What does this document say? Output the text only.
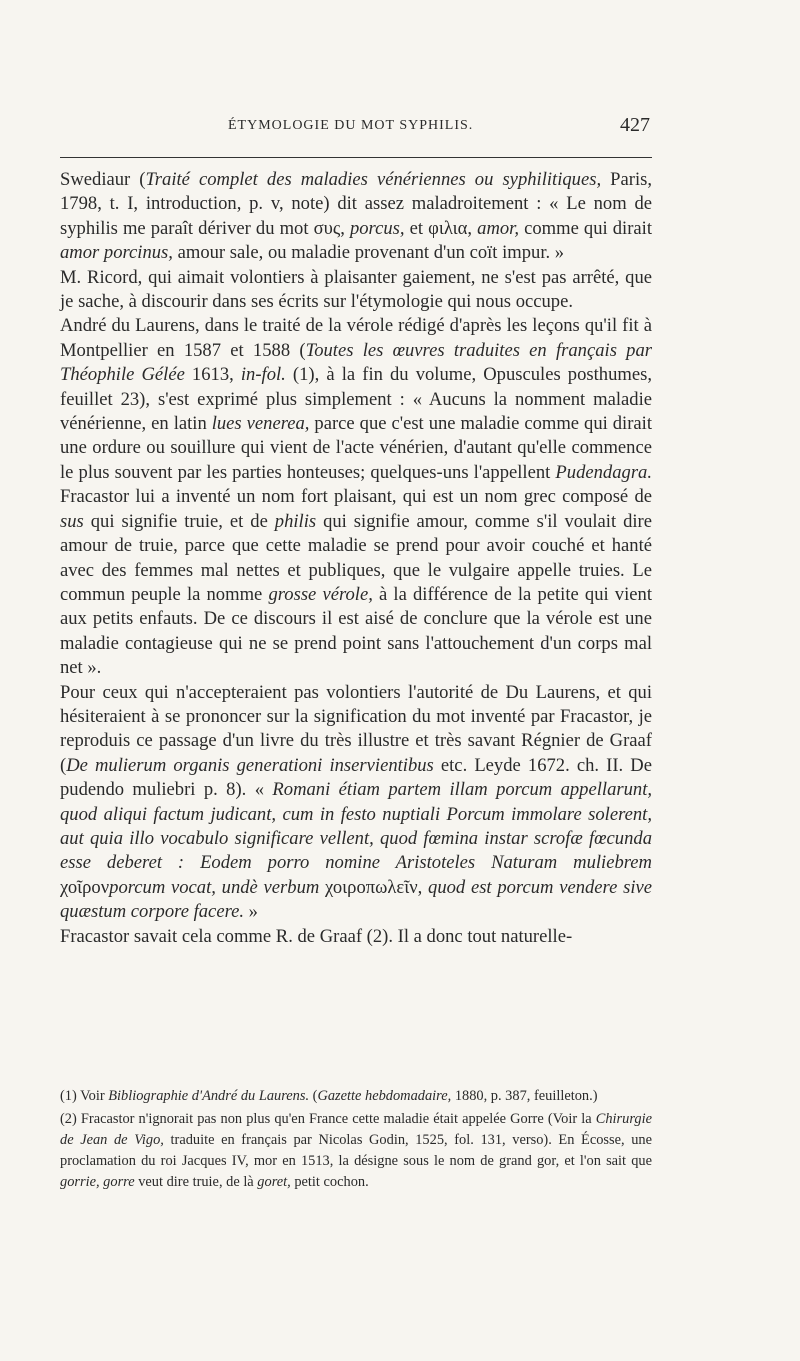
ÉTYMOLOGIE DU MOT SYPHILIS.	427

Swediaur (Traité complet des maladies vénériennes ou syphilitiques, Paris, 1798, t. I, introduction, p. v, note) dit assez maladroitement : « Le nom de syphilis me paraît dériver du mot συς, porcus, et φιλια, amor, comme qui dirait amor porcinus, amour sale, ou maladie provenant d'un coït impur. »

M. Ricord, qui aimait volontiers à plaisanter gaiement, ne s'est pas arrêté, que je sache, à discourir dans ses écrits sur l'étymologie qui nous occupe.

André du Laurens, dans le traité de la vérole rédigé d'après les leçons qu'il fit à Montpellier en 1587 et 1588 (Toutes les œuvres traduites en français par Théophile Gélée 1613, in-fol. (1), à la fin du volume, Opuscules posthumes, feuillet 23), s'est exprimé plus simplement : « Aucuns la nomment maladie vénérienne, en latin lues venerea, parce que c'est une maladie comme qui dirait une ordure ou souillure qui vient de l'acte vénérien, d'autant qu'elle commence le plus souvent par les parties honteuses; quelques-uns l'appellent Pudendagra. Fracastor lui a inventé un nom fort plaisant, qui est un nom grec composé de sus qui signifie truie, et de philis qui signifie amour, comme s'il voulait dire amour de truie, parce que cette maladie se prend pour avoir couché et hanté avec des femmes mal nettes et publiques, que le vulgaire appelle truies. Le commun peuple la nomme grosse vérole, à la différence de la petite qui vient aux petits enfauts. De ce discours il est aisé de conclure que la vérole est une maladie contagieuse qui ne se prend point sans l'attouchement d'un corps mal net ».

Pour ceux qui n'accepteraient pas volontiers l'autorité de Du Laurens, et qui hésiteraient à se prononcer sur la signification du mot inventé par Fracastor, je reproduis ce passage d'un livre du très illustre et très savant Régnier de Graaf (De mulierum organis generationi inservientibus etc. Leyde 1672. ch. II. De pudendo muliebri p. 8). « Romani étiam partem illam porcum appellarunt, quod aliqui factum judicant, cum in festo nuptiali Porcum immolare solerent, aut quia illo vocabulo significare vellent, quod fœmina instar scrofæ fœcunda esse deberet : Eodem porro nomine Aristoteles Naturam muliebrem χοῖρονporcum vocat, undè verbum χοιροπωλεῖν, quod est porcum vendere sive quæstum corpore facere. »

Fracastor savait cela comme R. de Graaf (2). Il a donc tout naturelle-

(1) Voir Bibliographie d'André du Laurens. (Gazette hebdomadaire, 1880, p. 387, feuilleton.)

(2) Fracastor n'ignorait pas non plus qu'en France cette maladie était appelée Gorre (Voir la Chirurgie de Jean de Vigo, traduite en français par Nicolas Godin, 1525, fol. 131, verso). En Écosse, une proclamation du roi Jacques IV, mor en 1513, la désigne sous le nom de grand gor, et l'on sait que gorrie, gorre veut dire truie, de là goret, petit cochon.
